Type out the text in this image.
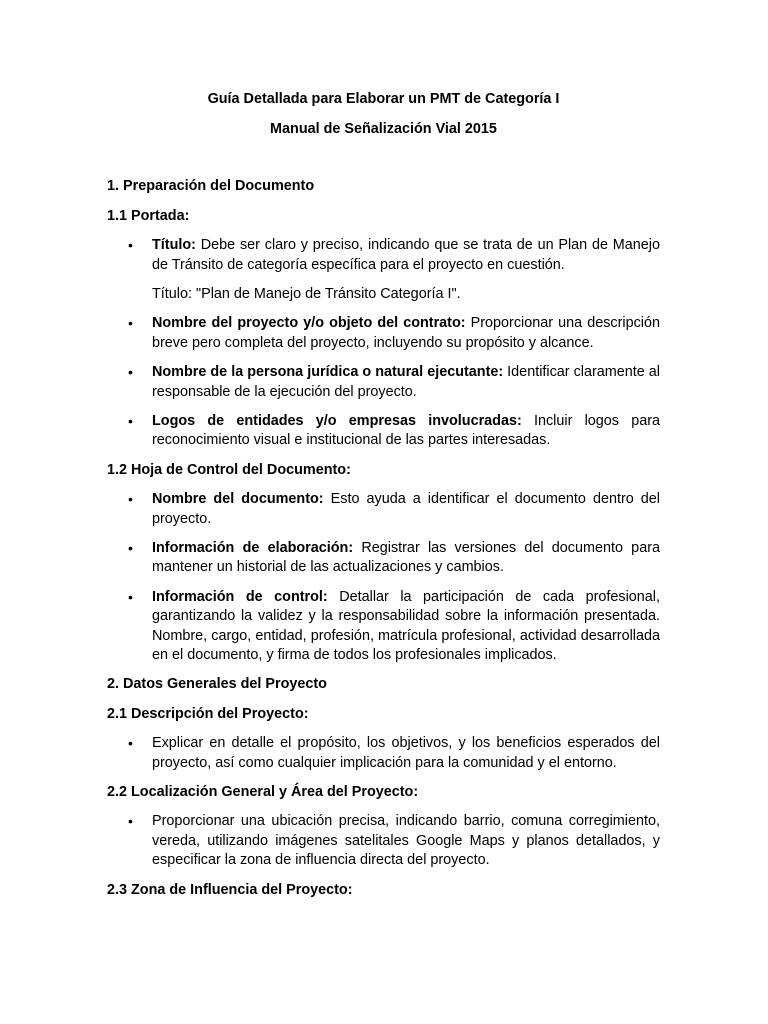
Guía Detallada para Elaborar un PMT de Categoría I

Manual de Señalización Vial 2015

1. Preparación del Documento
1.1 Portada:
• Título: Debe ser claro y preciso, indicando que se trata de un Plan de Manejo de Tránsito de categoría específica para el proyecto en cuestión.

Título: "Plan de Manejo de Tránsito Categoría I".

• Nombre del proyecto y/o objeto del contrato: Proporcionar una descripción breve pero completa del proyecto, incluyendo su propósito y alcance.
• Nombre de la persona jurídica o natural ejecutante: Identificar claramente al responsable de la ejecución del proyecto.
• Logos de entidades y/o empresas involucradas: Incluir logos para reconocimiento visual e institucional de las partes interesadas.
1.2 Hoja de Control del Documento:
• Nombre del documento: Esto ayuda a identificar el documento dentro del proyecto.
• Información de elaboración: Registrar las versiones del documento para mantener un historial de las actualizaciones y cambios.
• Información de control: Detallar la participación de cada profesional, garantizando la validez y la responsabilidad sobre la información presentada. Nombre, cargo, entidad, profesión, matrícula profesional, actividad desarrollada en el documento, y firma de todos los profesionales implicados.
2. Datos Generales del Proyecto
2.1 Descripción del Proyecto:
• Explicar en detalle el propósito, los objetivos, y los beneficios esperados del proyecto, así como cualquier implicación para la comunidad y el entorno.
2.2 Localización General y Área del Proyecto:
• Proporcionar una ubicación precisa, indicando barrio, comuna corregimiento, vereda, utilizando imágenes satelitales Google Maps y planos detallados, y especificar la zona de influencia directa del proyecto.
2.3 Zona de Influencia del Proyecto:
